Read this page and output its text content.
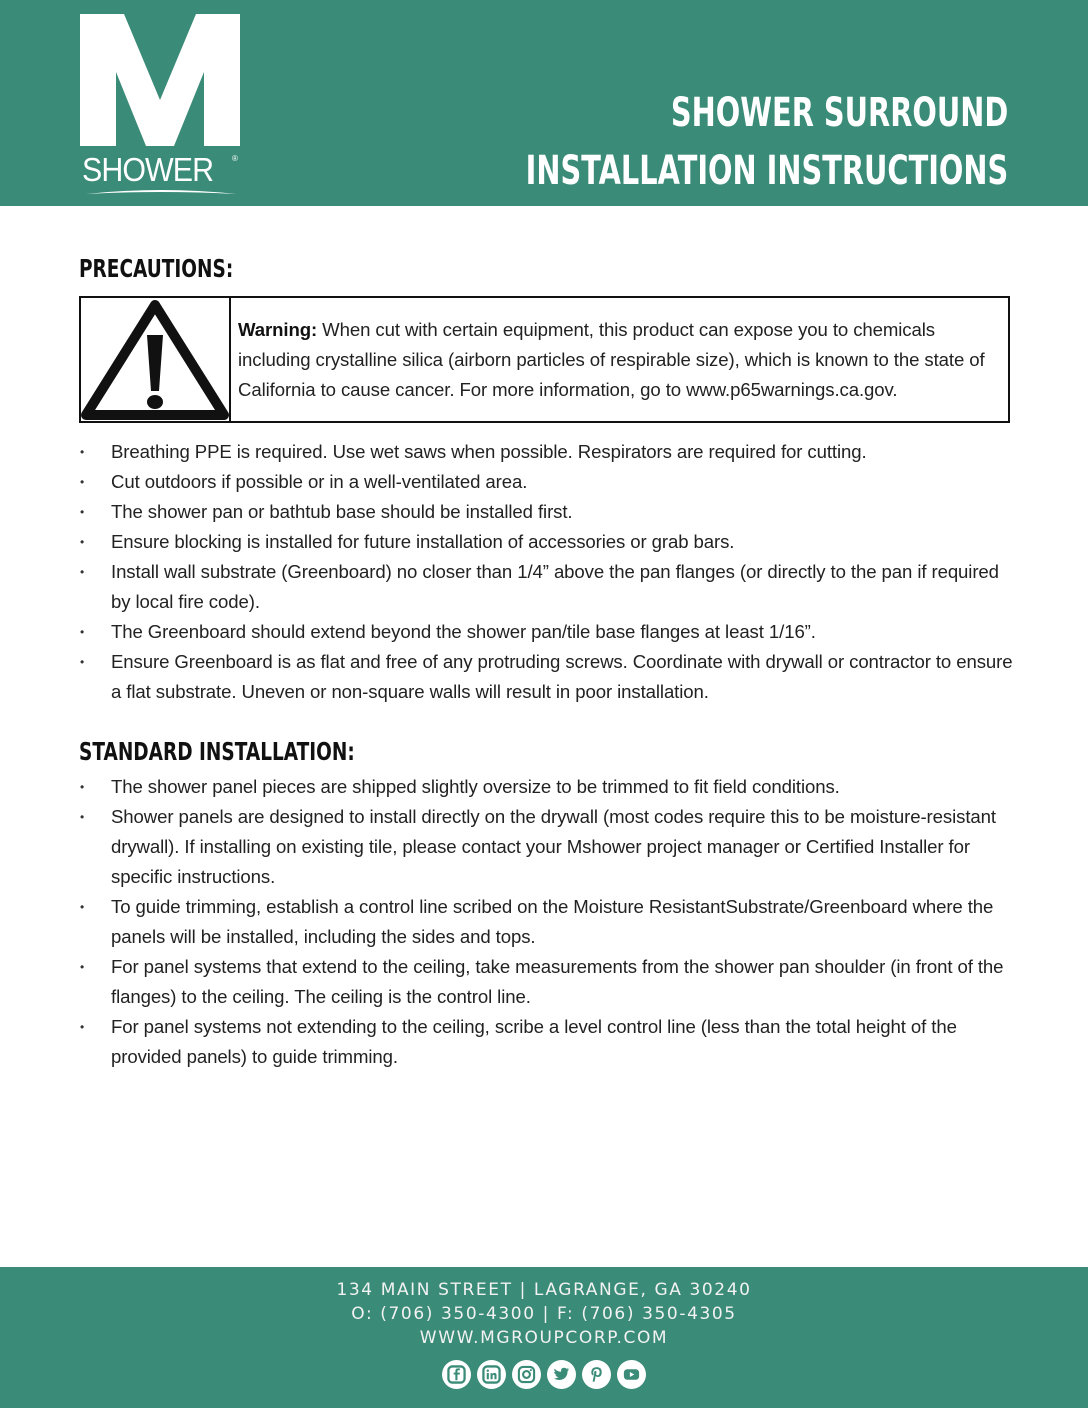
SHOWER	®
SHOWER SURROUND
INSTALLATION INSTRUCTIONS
PRECAUTIONS:
Warning: When cut with certain equipment, this product can expose you to chemicals including crystalline silica (airborn particles of respirable size), which is known to the state of California to cause cancer. For more information, go to www.p65warnings.ca.gov.
• Breathing PPE is required. Use wet saws when possible. Respirators are required for cutting.
• Cut outdoors if possible or in a well-ventilated area.
• The shower pan or bathtub base should be installed first.
• Ensure blocking is installed for future installation of accessories or grab bars.
• Install wall substrate (Greenboard) no closer than 1/4” above the pan flanges (or directly to the pan if required by local fire code).
• The Greenboard should extend beyond the shower pan/tile base flanges at least 1/16”.
• Ensure Greenboard is as flat and free of any protruding screws. Coordinate with drywall or contractor to ensure a flat substrate. Uneven or non-square walls will result in poor installation.
STANDARD INSTALLATION:
• The shower panel pieces are shipped slightly oversize to be trimmed to fit field conditions.
• Shower panels are designed to install directly on the drywall (most codes require this to be moisture-resistant drywall). If installing on existing tile, please contact your Mshower project manager or Certified Installer for specific instructions.
• To guide trimming, establish a control line scribed on the Moisture ResistantSubstrate/Greenboard where the panels will be installed, including the sides and tops.
• For panel systems that extend to the ceiling, take measurements from the shower pan shoulder (in front of the flanges) to the ceiling. The ceiling is the control line.
• For panel systems not extending to the ceiling, scribe a level control line (less than the total height of the provided panels) to guide trimming.
134 MAIN STREET | LAGRANGE, GA 30240
O: (706) 350-4300 | F: (706) 350-4305
WWW.MGROUPCORP.COM
